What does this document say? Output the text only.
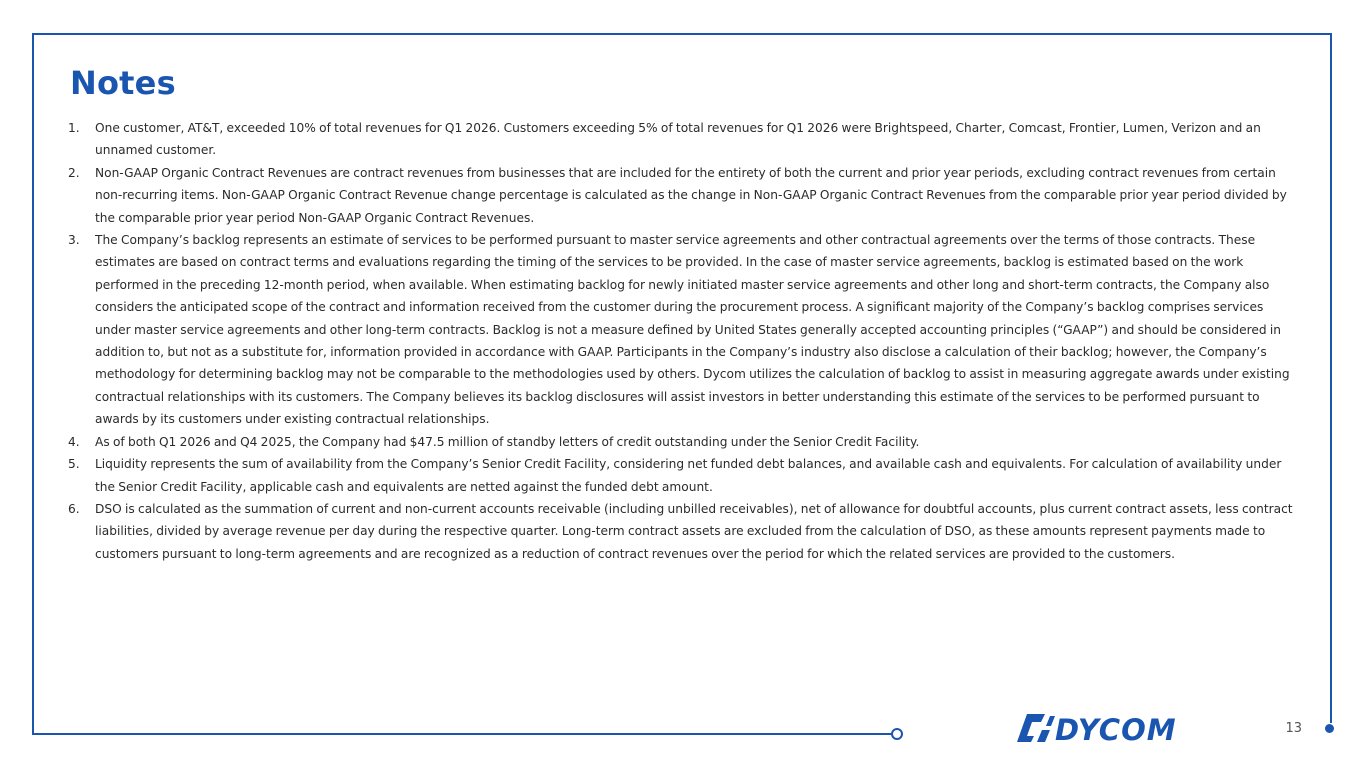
Notes
1.	One customer, AT&T, exceeded 10% of total revenues for Q1 2026. Customers exceeding 5% of total revenues for Q1 2026 were Brightspeed, Charter, Comcast, Frontier, Lumen, Verizon and an unnamed customer.
2.	Non-GAAP Organic Contract Revenues are contract revenues from businesses that are included for the entirety of both the current and prior year periods, excluding contract revenues from certain non-recurring items. Non-GAAP Organic Contract Revenue change percentage is calculated as the change in Non-GAAP Organic Contract Revenues from the comparable prior year period divided by the comparable prior year period Non-GAAP Organic Contract Revenues.
3.	The Company’s backlog represents an estimate of services to be performed pursuant to master service agreements and other contractual agreements over the terms of those contracts. These estimates are based on contract terms and evaluations regarding the timing of the services to be provided. In the case of master service agreements, backlog is estimated based on the work performed in the preceding 12-month period, when available. When estimating backlog for newly initiated master service agreements and other long and short-term contracts, the Company also considers the anticipated scope of the contract and information received from the customer during the procurement process. A significant majority of the Company’s backlog comprises services under master service agreements and other long-term contracts. Backlog is not a measure defined by United States generally accepted accounting principles (“GAAP”) and should be considered in addition to, but not as a substitute for, information provided in accordance with GAAP. Participants in the Company’s industry also disclose a calculation of their backlog; however, the Company’s methodology for determining backlog may not be comparable to the methodologies used by others. Dycom utilizes the calculation of backlog to assist in measuring aggregate awards under existing contractual relationships with its customers. The Company believes its backlog disclosures will assist investors in better understanding this estimate of the services to be performed pursuant to awards by its customers under existing contractual relationships.
4.	As of both Q1 2026 and Q4 2025, the Company had $47.5 million of standby letters of credit outstanding under the Senior Credit Facility.
5.	Liquidity represents the sum of availability from the Company’s Senior Credit Facility, considering net funded debt balances, and available cash and equivalents. For calculation of availability under the Senior Credit Facility, applicable cash and equivalents are netted against the funded debt amount.
6.	DSO is calculated as the summation of current and non-current accounts receivable (including unbilled receivables), net of allowance for doubtful accounts, plus current contract assets, less contract liabilities, divided by average revenue per day during the respective quarter. Long-term contract assets are excluded from the calculation of DSO, as these amounts represent payments made to customers pursuant to long-term agreements and are recognized as a reduction of contract revenues over the period for which the related services are provided to the customers.
DYCOM	13
